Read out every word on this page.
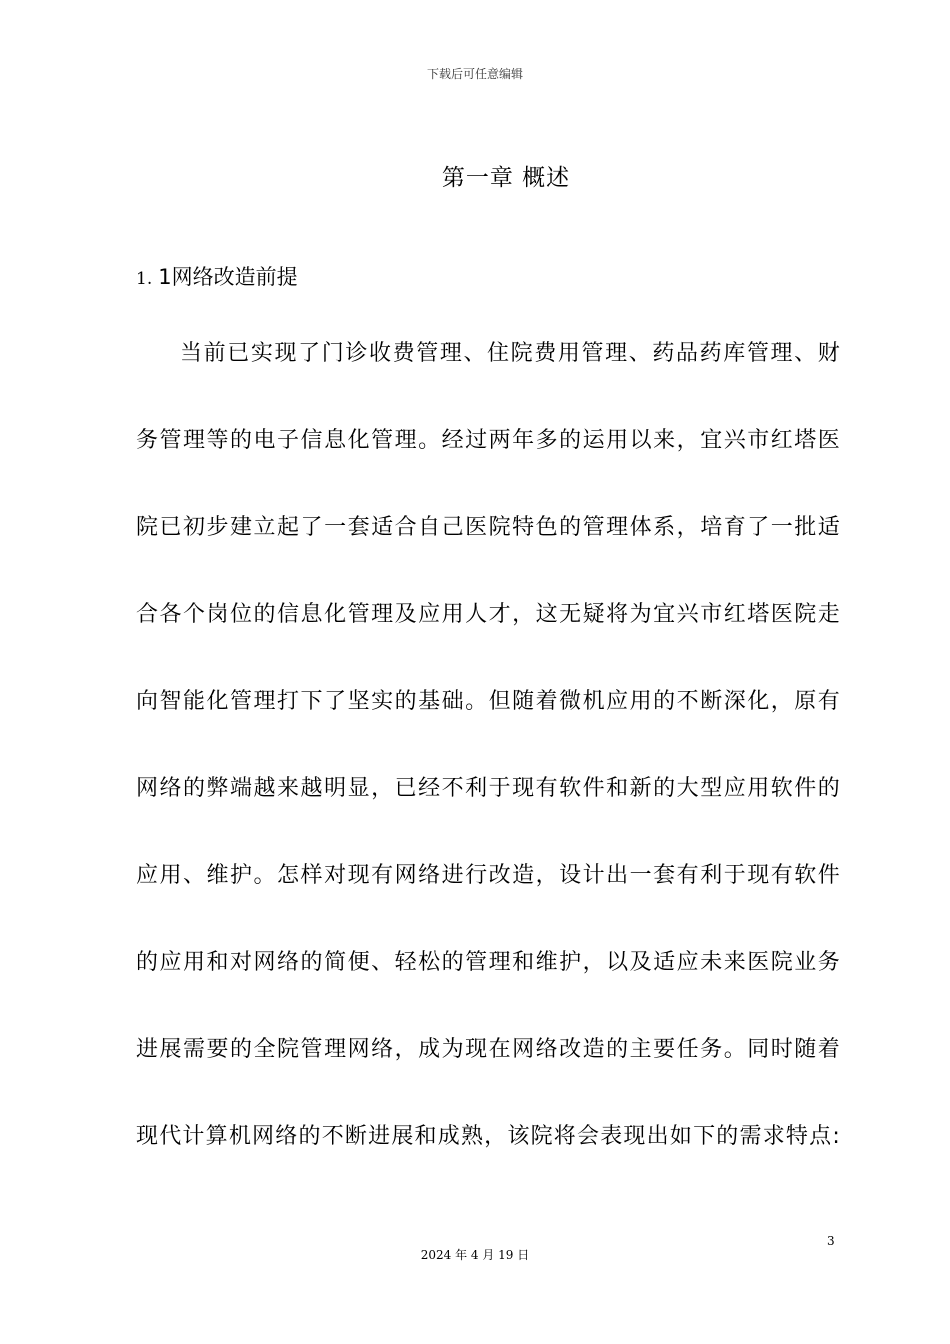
下载后可任意编辑
第一章 概述
1. 1网络改造前提
当前已实现了门诊收费管理、住院费用管理、药品药库管理、财
务管理等的电子信息化管理。经过两年多的运用以来，宜兴市红塔医
院已初步建立起了一套适合自己医院特色的管理体系，培育了一批适
合各个岗位的信息化管理及应用人才，这无疑将为宜兴市红塔医院走
向智能化管理打下了坚实的基础。但随着微机应用的不断深化，原有
网络的弊端越来越明显，已经不利于现有软件和新的大型应用软件的
应用、维护。怎样对现有网络进行改造，设计出一套有利于现有软件
的应用和对网络的简便、轻松的管理和维护，以及适应未来医院业务
进展需要的全院管理网络，成为现在网络改造的主要任务。同时随着
现代计算机网络的不断进展和成熟，该院将会表现出如下的需求特点:
3
2024 年 4 月 19 日
